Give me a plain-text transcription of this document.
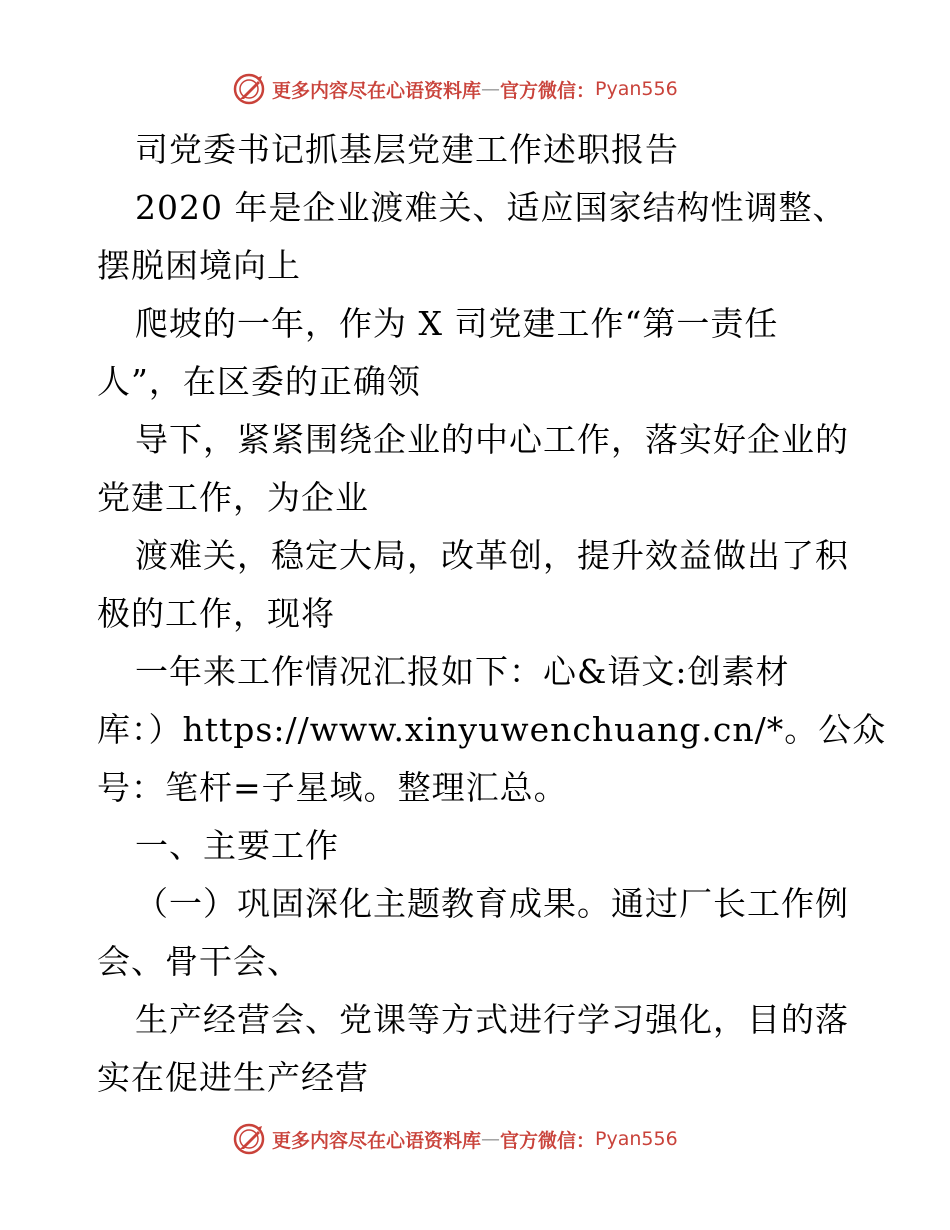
更多内容尽在心语资料库 — 官方微信： Pyan556
司党委书记抓基层党建工作述职报告
2020 年是企业渡难关、适应国家结构性调整、
摆脱困境向上
爬坡的一年，作为 X 司党建工作“第一责任
人”，在区委的正确领
导下，紧紧围绕企业的中心工作，落实好企业的
党建工作，为企业
渡难关，稳定大局，改革创，提升效益做出了积
极的工作，现将
一年来工作情况汇报如下：心&语文:创素材
库：）https://www.xinyuwenchuang.cn/*。公众
号：笔杆=子星域。整理汇总。
一、主要工作
（一）巩固深化主题教育成果。通过厂长工作例
会、骨干会、
生产经营会、党课等方式进行学习强化，目的落
实在促进生产经营
更多内容尽在心语资料库 — 官方微信： Pyan556
